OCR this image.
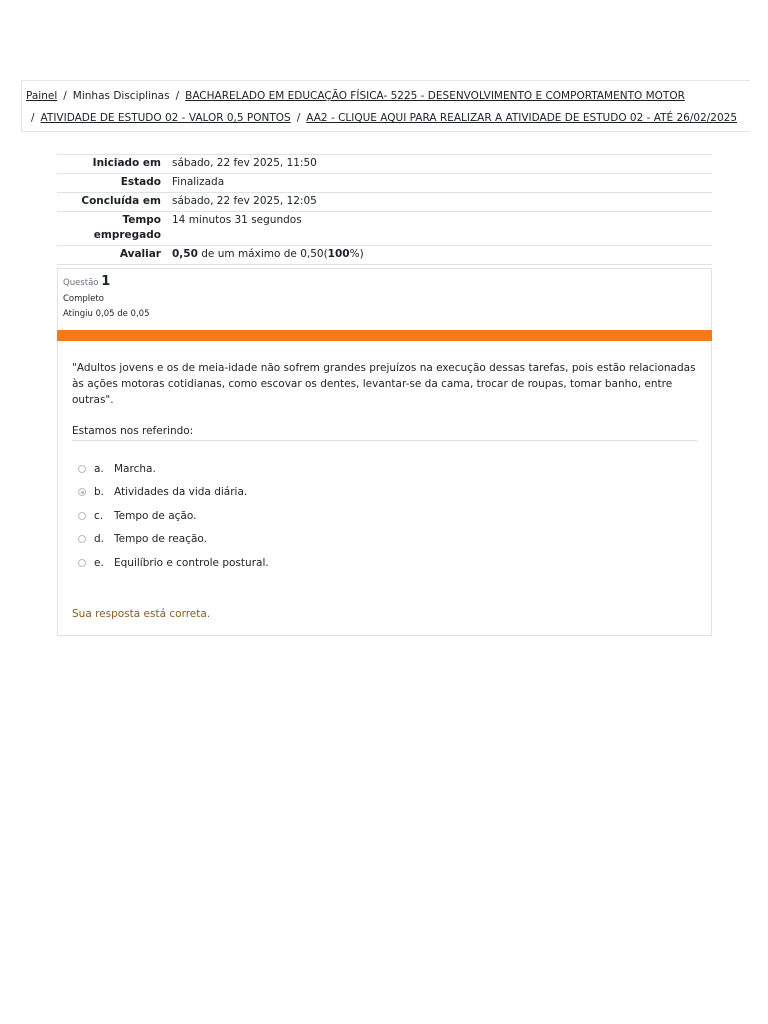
Painel / Minhas Disciplinas / BACHARELADO EM EDUCAÇÃO FÍSICA- 5225 - DESENVOLVIMENTO E COMPORTAMENTO MOTOR
/ ATIVIDADE DE ESTUDO 02 - VALOR 0,5 PONTOS / AA2 - CLIQUE AQUI PARA REALIZAR A ATIVIDADE DE ESTUDO 02 - ATÉ 26/02/2025
Iniciado em	sábado, 22 fev 2025, 11:50
Estado	Finalizada
Concluída em	sábado, 22 fev 2025, 12:05
Tempo
empregado	14 minutos 31 segundos
Avaliar	0,50 de um máximo de 0,50(100%)
Questão 1
Completo
Atingiu 0,05 de 0,05

"Adultos jovens e os de meia-idade não sofrem grandes prejuízos na execução dessas tarefas, pois estão relacionadas às ações motoras cotidianas, como escovar os dentes, levantar-se da cama, trocar de roupas, tomar banho, entre outras".

Estamos nos referindo:

a. Marcha.
b. Atividades da vida diária.
c.	Tempo de ação.
d. Tempo de reação.
e. Equilíbrio e controle postural.
Sua resposta está correta.
